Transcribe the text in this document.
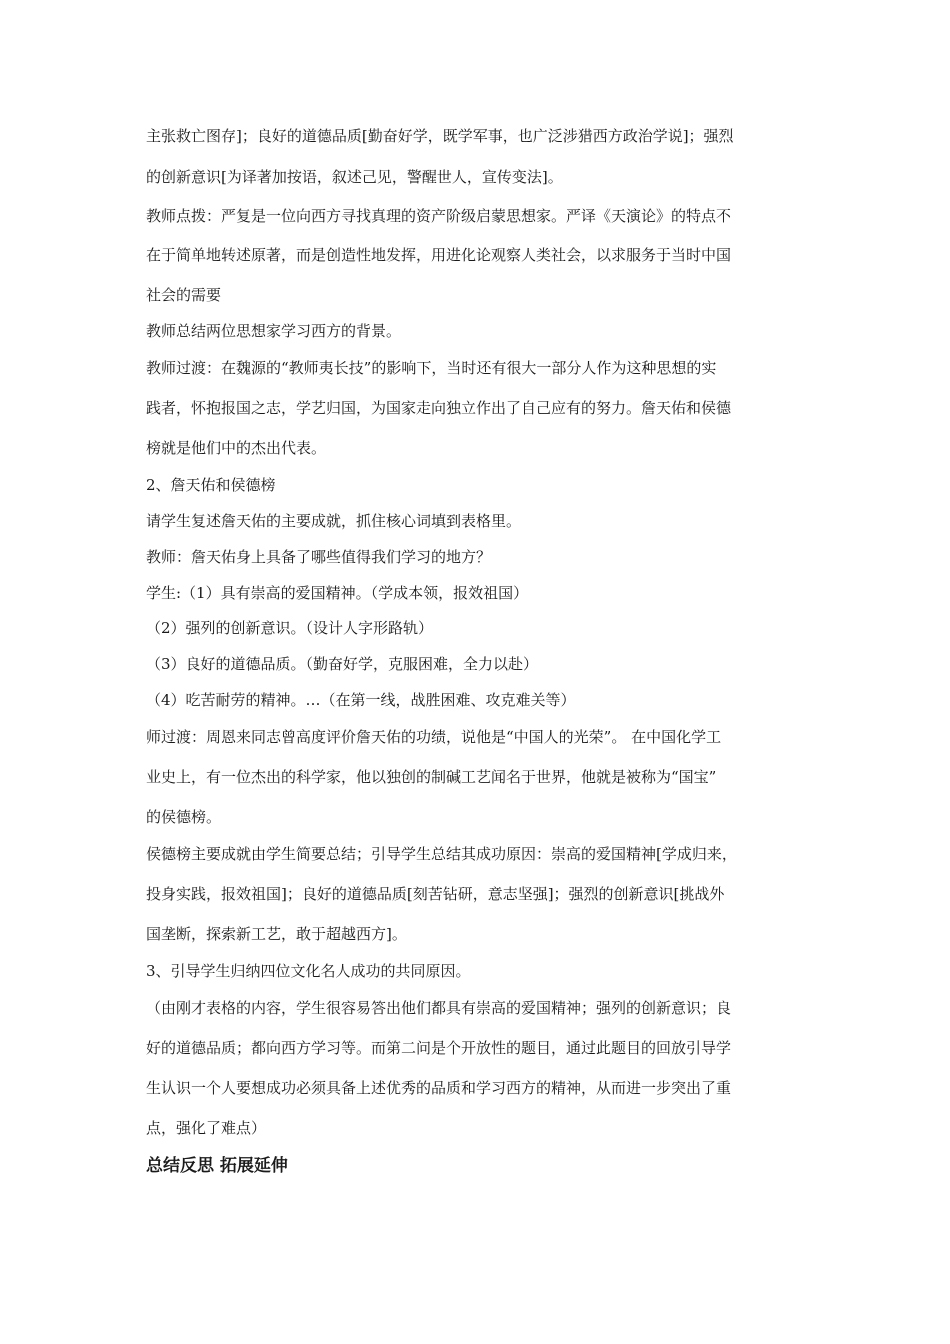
主张救亡图存]；良好的道德品质[勤奋好学，既学军事，也广泛涉猎西方政治学说]；强烈
的创新意识[为译著加按语，叙述己见，警醒世人，宣传变法]。
教师点拨：严复是一位向西方寻找真理的资产阶级启蒙思想家。严译《天演论》的特点不
在于简单地转述原著，而是创造性地发挥，用进化论观察人类社会，以求服务于当时中国
社会的需要
教师总结两位思想家学习西方的背景。
教师过渡：在魏源的“教师夷长技”的影响下，当时还有很大一部分人作为这种思想的实
践者，怀抱报国之志，学艺归国，为国家走向独立作出了自己应有的努力。詹天佑和侯德
榜就是他们中的杰出代表。
2、詹天佑和侯德榜
请学生复述詹天佑的主要成就，抓住核心词填到表格里。
教师：詹天佑身上具备了哪些值得我们学习的地方？
学生:（1）具有崇高的爱国精神。（学成本领，报效祖国）
（2）强列的创新意识。（设计人字形路轨）
（3）良好的道德品质。（勤奋好学，克服困难，全力以赴）
（4）吃苦耐劳的精神。…（在第一线，战胜困难、攻克难关等）
师过渡：周恩来同志曾高度评价詹天佑的功绩，说他是“中国人的光荣”。 在中国化学工
业史上，有一位杰出的科学家，他以独创的制碱工艺闻名于世界，他就是被称为“国宝”
的侯德榜。
侯德榜主要成就由学生简要总结；引导学生总结其成功原因：崇高的爱国精神[学成归来，
投身实践，报效祖国]；良好的道德品质[刻苦钻研，意志坚强]；强烈的创新意识[挑战外
国垄断，探索新工艺，敢于超越西方]。
3、引导学生归纳四位文化名人成功的共同原因。
（由刚才表格的内容，学生很容易答出他们都具有崇高的爱国精神；强列的创新意识；良
好的道德品质；都向西方学习等。而第二问是个开放性的题目，通过此题目的回放引导学
生认识一个人要想成功必须具备上述优秀的品质和学习西方的精神，从而进一步突出了重
点，强化了难点）
总结反思 拓展延伸
